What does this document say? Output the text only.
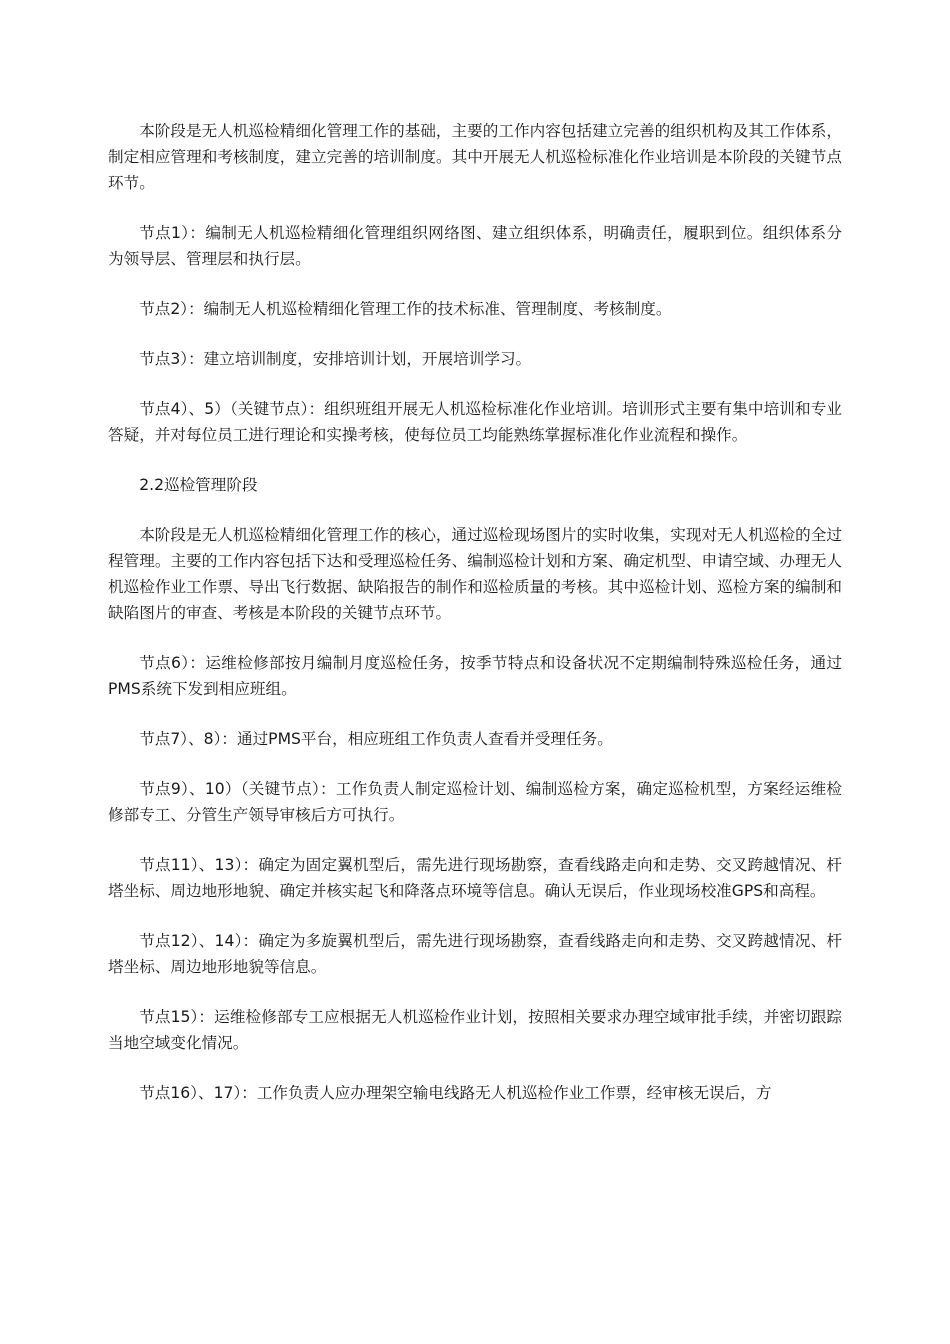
本阶段是无人机巡检精细化管理工作的基础，主要的工作内容包括建立完善的组织机构及其工作体系，制定相应管理和考核制度，建立完善的培训制度。其中开展无人机巡检标准化作业培训是本阶段的关键节点环节。

节点1）：编制无人机巡检精细化管理组织网络图、建立组织体系，明确责任，履职到位。组织体系分为领导层、管理层和执行层。

节点2）：编制无人机巡检精细化管理工作的技术标准、管理制度、考核制度。

节点3）：建立培训制度，安排培训计划，开展培训学习。

节点4）、5）（关键节点）：组织班组开展无人机巡检标准化作业培训。培训形式主要有集中培训和专业答疑，并对每位员工进行理论和实操考核，使每位员工均能熟练掌握标准化作业流程和操作。

2.2巡检管理阶段

本阶段是无人机巡检精细化管理工作的核心，通过巡检现场图片的实时收集，实现对无人机巡检的全过程管理。主要的工作内容包括下达和受理巡检任务、编制巡检计划和方案、确定机型、申请空域、办理无人机巡检作业工作票、导出飞行数据、缺陷报告的制作和巡检质量的考核。其中巡检计划、巡检方案的编制和缺陷图片的审查、考核是本阶段的关键节点环节。

节点6）：运维检修部按月编制月度巡检任务，按季节特点和设备状况不定期编制特殊巡检任务，通过PMS系统下发到相应班组。

节点7）、8）：通过PMS平台，相应班组工作负责人查看并受理任务。

节点9）、10）（关键节点）：工作负责人制定巡检计划、编制巡检方案，确定巡检机型，方案经运维检修部专工、分管生产领导审核后方可执行。

节点11）、13）：确定为固定翼机型后，需先进行现场勘察，查看线路走向和走势、交叉跨越情况、杆塔坐标、周边地形地貌、确定并核实起飞和降落点环境等信息。确认无误后，作业现场校准GPS和高程。

节点12）、14）：确定为多旋翼机型后，需先进行现场勘察，查看线路走向和走势、交叉跨越情况、杆塔坐标、周边地形地貌等信息。

节点15）：运维检修部专工应根据无人机巡检作业计划，按照相关要求办理空域审批手续，并密切跟踪当地空域变化情况。

节点16）、17）：工作负责人应办理架空输电线路无人机巡检作业工作票，经审核无误后，方
